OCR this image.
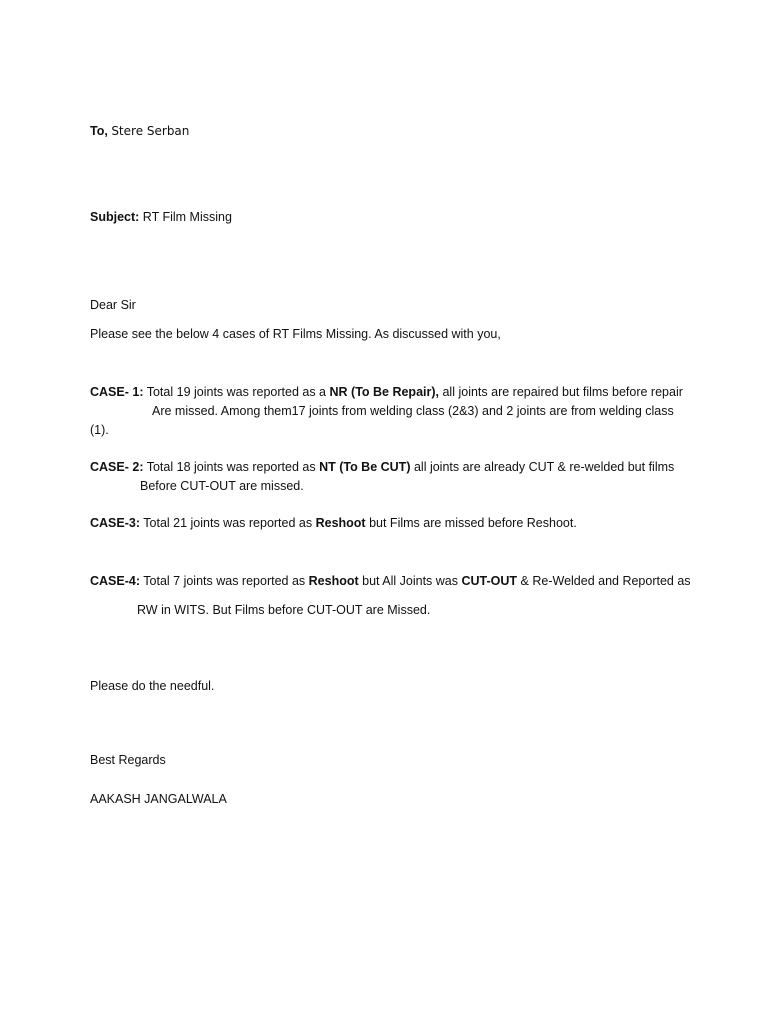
To, Stere Serban
Subject: RT Film Missing
Dear Sir
Please see the below 4 cases of RT Films Missing. As discussed with you,
CASE- 1: Total 19 joints was reported as a NR (To Be Repair), all joints are repaired but films before repair
Are missed. Among them17 joints from welding class (2&3) and 2 joints are from welding class
(1).
CASE- 2: Total 18 joints was reported as NT (To Be CUT) all joints are already CUT & re-welded but films
Before CUT-OUT are missed.
CASE-3: Total 21 joints was reported as Reshoot but Films are missed before Reshoot.
CASE-4: Total 7 joints was reported as Reshoot but All Joints was CUT-OUT & Re-Welded and Reported as
RW in WITS. But Films before CUT-OUT are Missed.
Please do the needful.
Best Regards
AAKASH JANGALWALA
